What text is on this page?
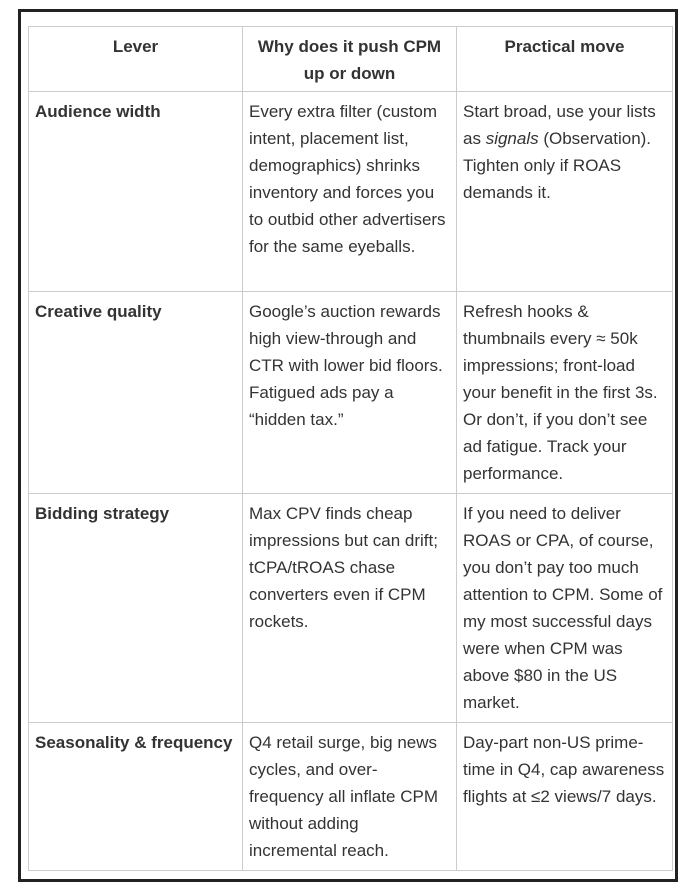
Lever	Why does it push CPM up or down	Practical move
Audience width	Every extra filter (custom intent, placement list, demographics) shrinks inventory and forces you to outbid other advertisers for the same eyeballs.	Start broad, use your lists as signals (Observation). Tighten only if ROAS demands it.
Creative quality	Google’s auction rewards high view-through and CTR with lower bid floors. Fatigued ads pay a “hidden tax.”	Refresh hooks & thumbnails every ≈ 50k impressions; front-load your benefit in the first 3s. Or don’t, if you don’t see ad fatigue. Track your performance.
Bidding strategy	Max CPV finds cheap impressions but can drift; tCPA/tROAS chase converters even if CPM rockets.	If you need to deliver ROAS or CPA, of course, you don’t pay too much attention to CPM. Some of my most successful days were when CPM was above $80 in the US market.
Seasonality & frequency	Q4 retail surge, big news cycles, and over-frequency all inflate CPM without adding incremental reach.	Day-part non-US prime-time in Q4, cap awareness flights at ≤2 views/7 days.
